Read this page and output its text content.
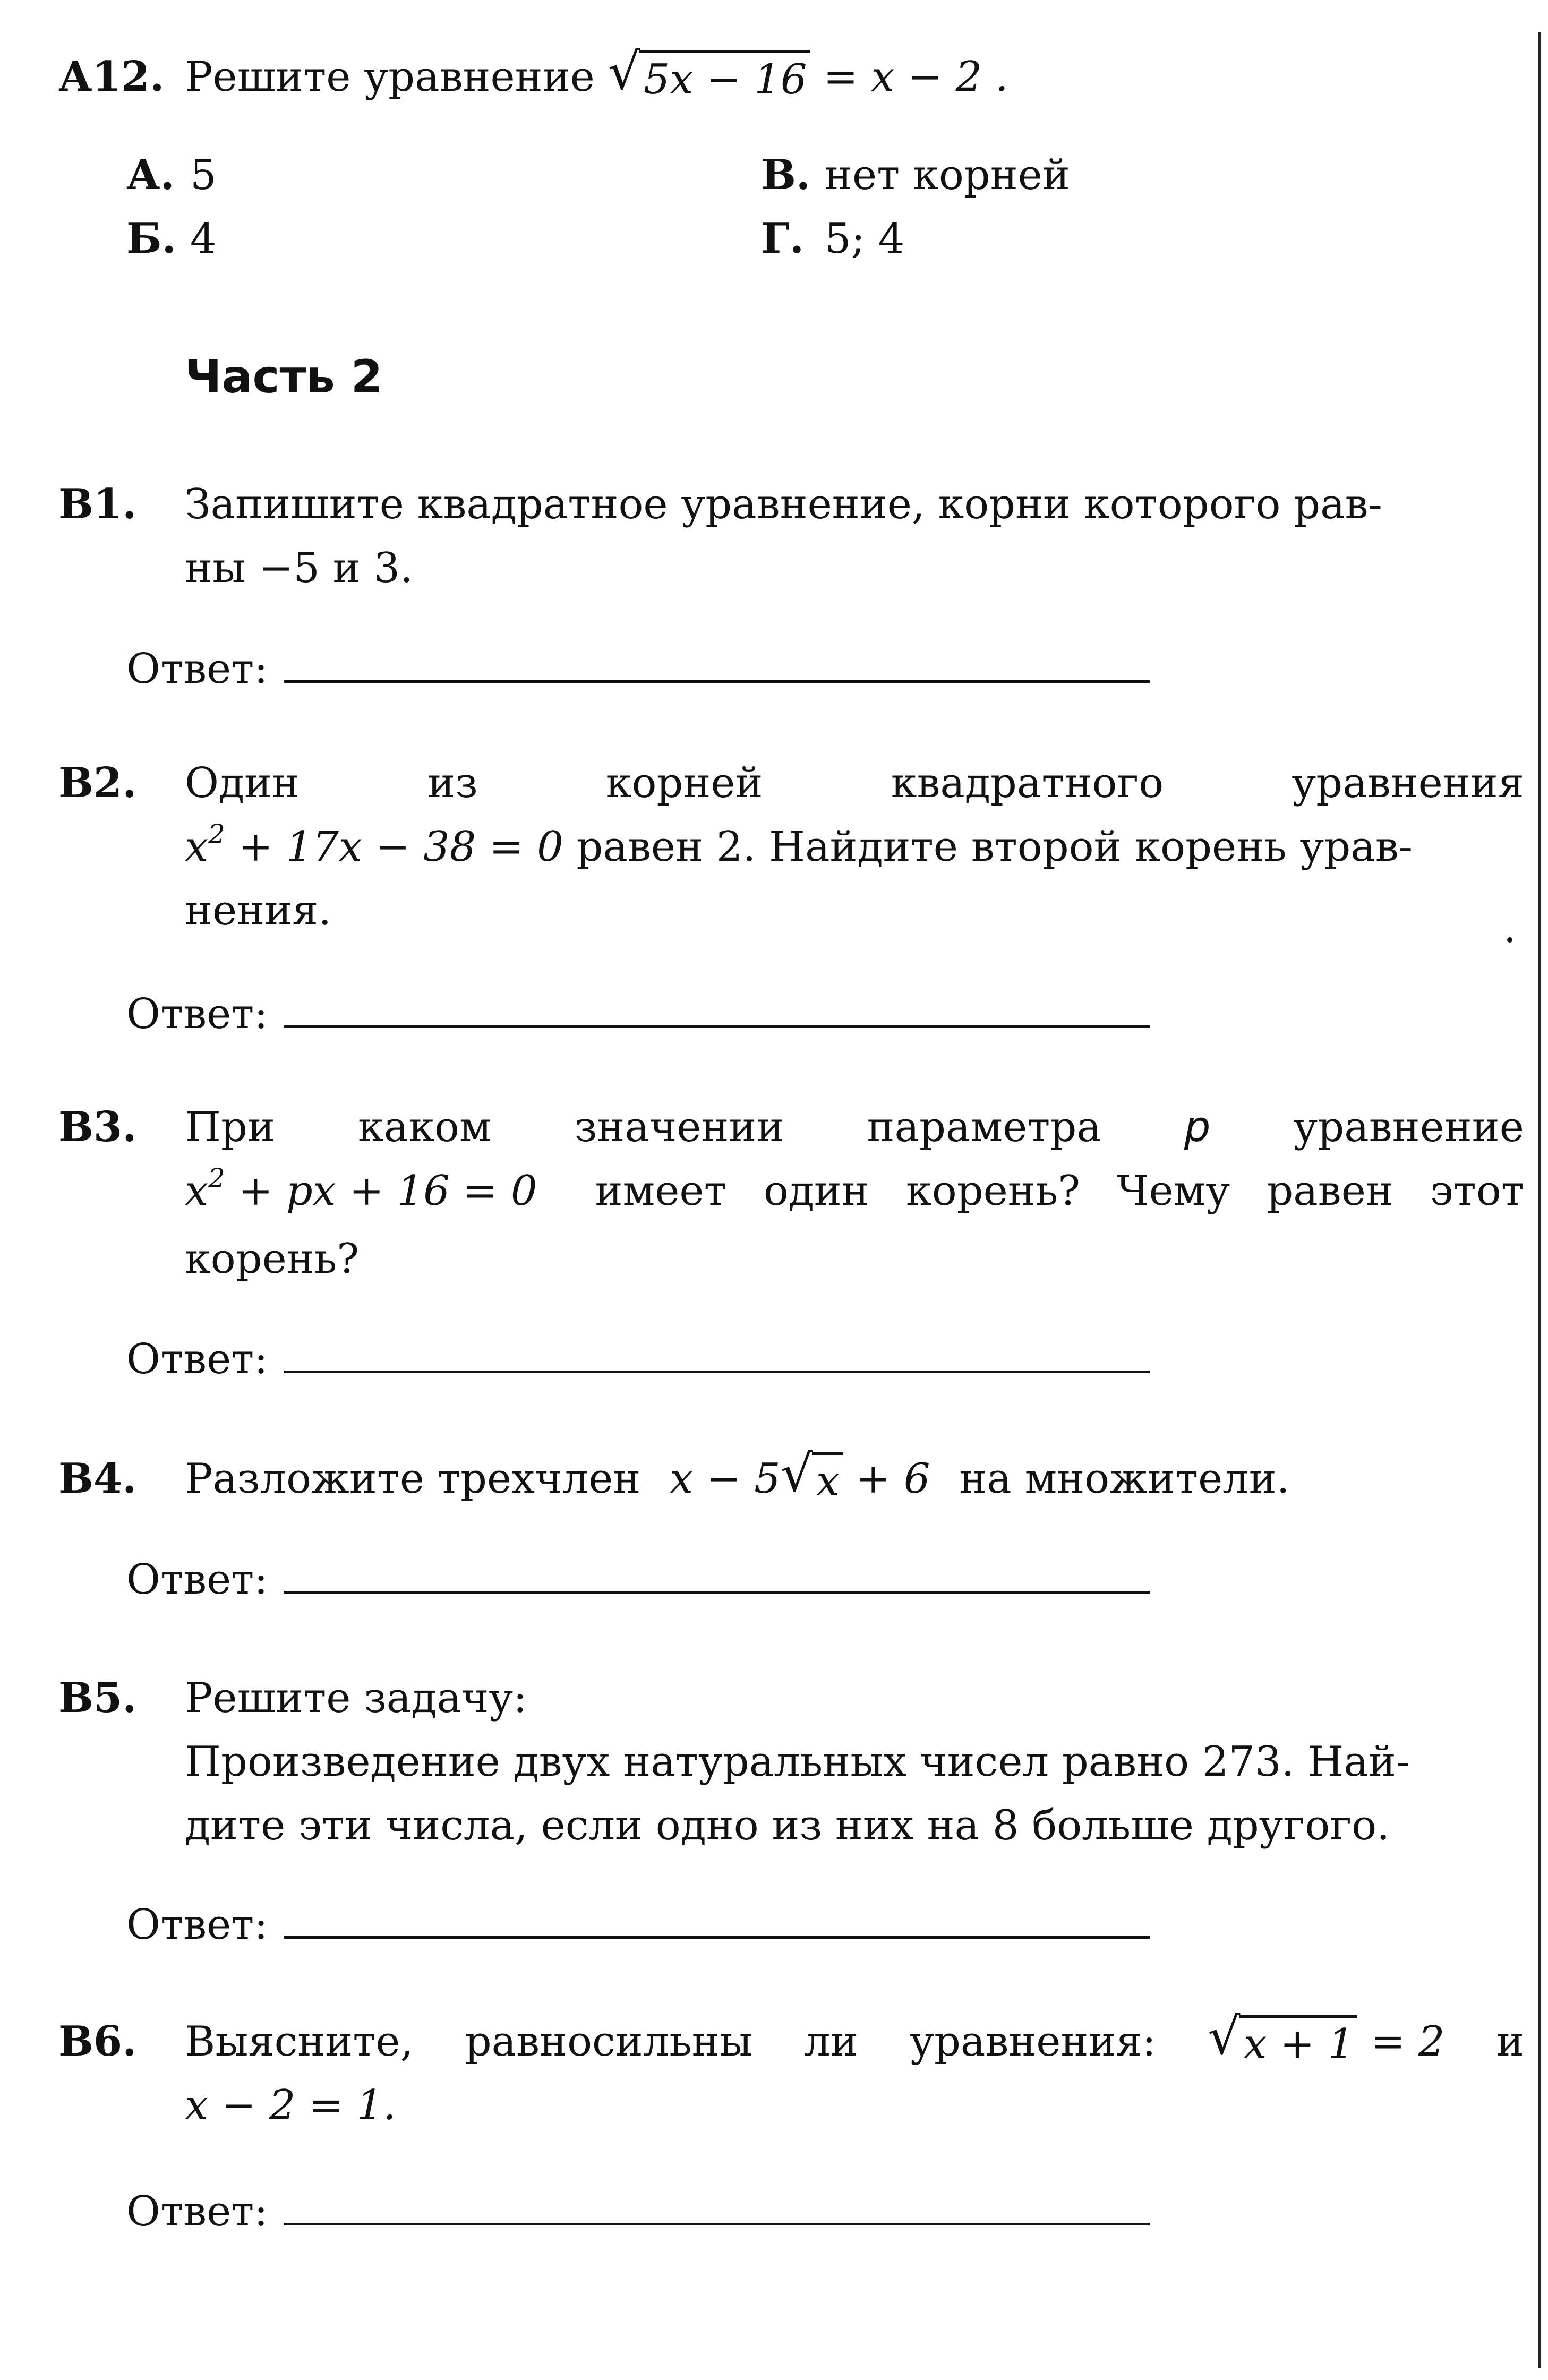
А12. Решите уравнение √ 5x − 16 = x − 2 .
А. 5
Б. 4
В. нет корней
Г. 5; 4
Часть 2
В1. Запишите квадратное уравнение, корни которого рав-
ны −5 и 3.
Ответ:
В2. Один	из	корней	квадратного	уравнения
$x^2 + 17x - 38 = 0$ равен 2. Найдите второй корень урав-
нения.
Ответ:
В3. При каком значении параметра p уравнение
$x^2$ + px + 16 = 0 имеет один корень? Чему равен этот
корень?
Ответ:
В4. Разложите трехчлен x − 5 √ x + 6 на множители.
Ответ:
В5. Решите задачу:
Произведение двух натуральных чисел равно 273. Най-
дите эти числа, если одно из них на 8 больше другого.
Ответ:
В6. Выясните, равносильны ли уравнения: √ x + 1 = 2 и
x − 2 = 1.
Ответ:
